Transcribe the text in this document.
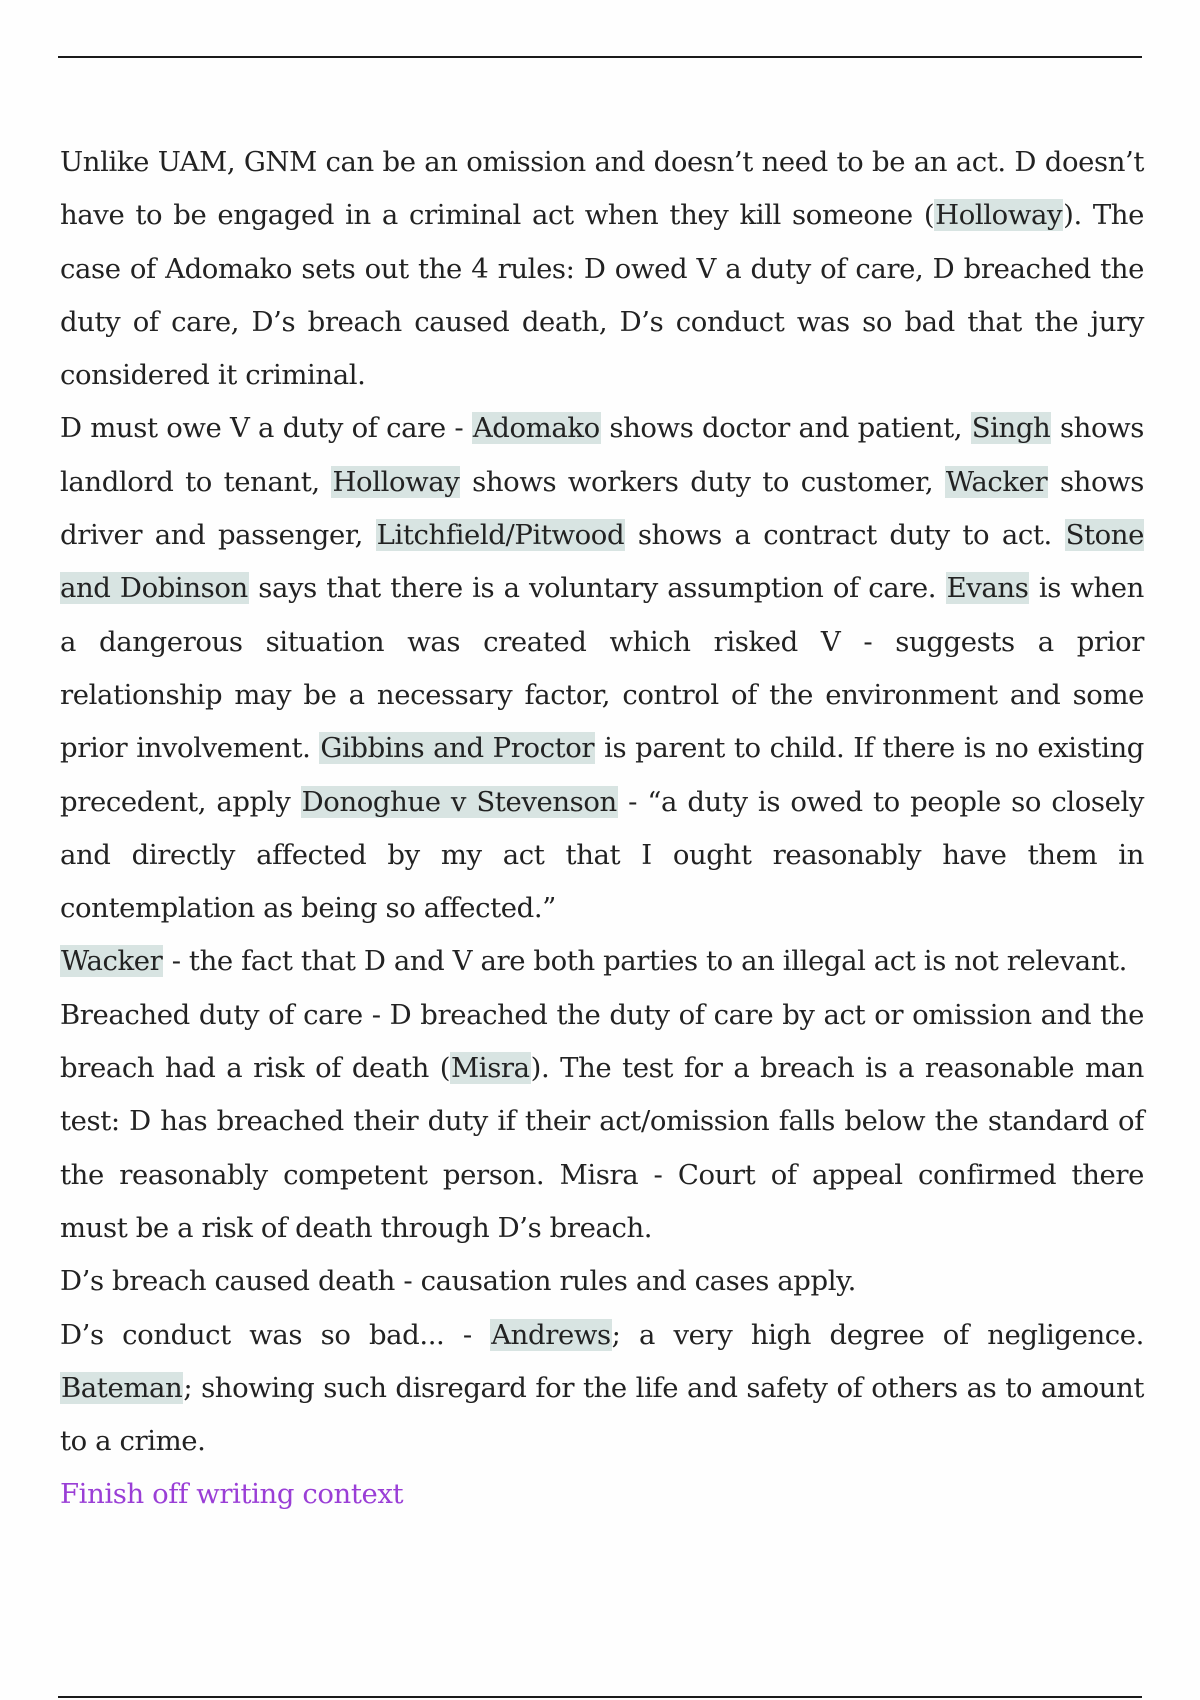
Unlike UAM, GNM can be an omission and doesn’t need to be an act. D doesn’t have to be engaged in a criminal act when they kill someone (Holloway). The case of Adomako sets out the 4 rules: D owed V a duty of care, D breached the duty of care, D’s breach caused death, D’s conduct was so bad that the jury considered it criminal.

D must owe V a duty of care - Adomako shows doctor and patient, Singh shows landlord to tenant, Holloway shows workers duty to customer, Wacker shows driver and passenger, Litchfield/Pitwood shows a contract duty to act. Stone and Dobinson says that there is a voluntary assumption of care. Evans is when a dangerous situation was created which risked V - suggests a prior relationship may be a necessary factor, control of the environment and some prior involvement. Gibbins and Proctor is parent to child. If there is no existing precedent, apply Donoghue v Stevenson - “a duty is owed to people so closely and directly affected by my act that I ought reasonably have them in contemplation as being so affected.”

Wacker - the fact that D and V are both parties to an illegal act is not relevant.

Breached duty of care - D breached the duty of care by act or omission and the breach had a risk of death (Misra). The test for a breach is a reasonable man test: D has breached their duty if their act/omission falls below the standard of the reasonably competent person. Misra - Court of appeal confirmed there must be a risk of death through D’s breach.

D’s breach caused death - causation rules and cases apply.

D’s conduct was so bad... - Andrews; a very high degree of negligence. Bateman; showing such disregard for the life and safety of others as to amount to a crime.

Finish off writing context
